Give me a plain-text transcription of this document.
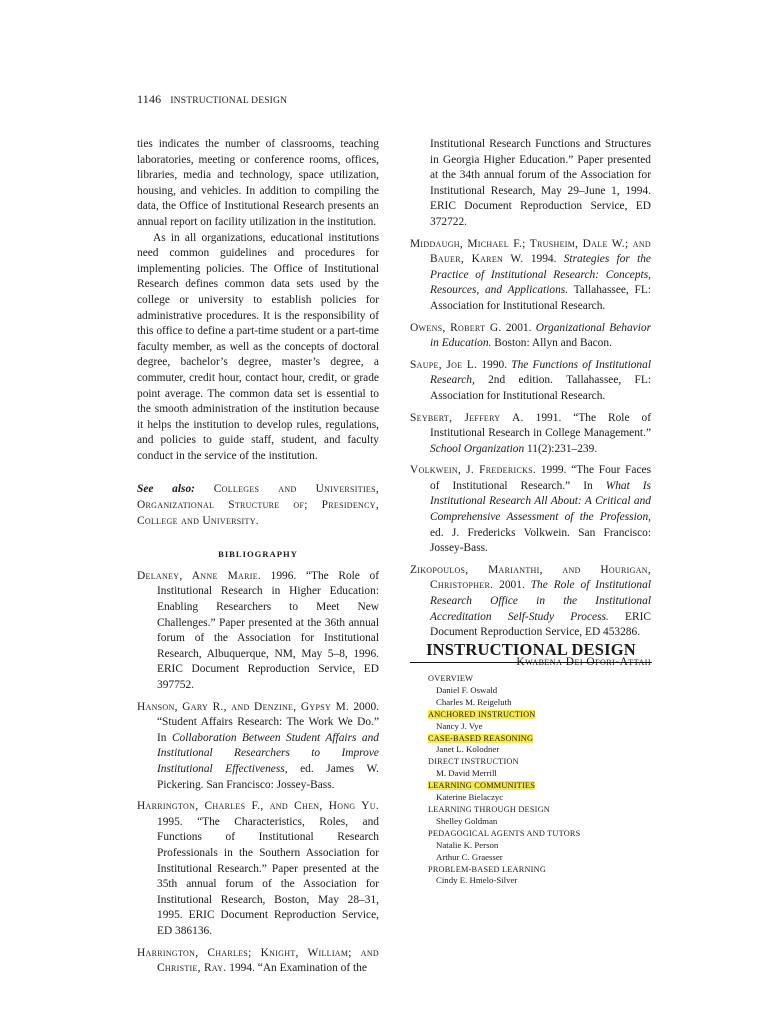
1146 INSTRUCTIONAL DESIGN

ties indicates the number of classrooms, teaching laboratories, meeting or conference rooms, offices, libraries, media and technology, space utilization, housing, and vehicles. In addition to compiling the data, the Office of Institutional Research presents an annual report on facility utilization in the institution.

As in all organizations, educational institutions need common guidelines and procedures for implementing policies. The Office of Institutional Research defines common data sets used by the college or university to establish policies for administrative procedures. It is the responsibility of this office to define a part-time student or a part-time faculty member, as well as the concepts of doctoral degree, bachelor’s degree, master’s degree, a commuter, credit hour, contact hour, credit, or grade point average. The common data set is essential to the smooth administration of the institution because it helps the institution to develop rules, regulations, and policies to guide staff, student, and faculty conduct in the service of the institution.

See also: Colleges and Universities, Organizational Structure of; Presidency, College and University.

BIBLIOGRAPHY

Delaney, Anne Marie. 1996. “The Role of Institutional Research in Higher Education: Enabling Researchers to Meet New Challenges.” Paper presented at the 36th annual forum of the Association for Institutional Research, Albuquerque, NM, May 5–8, 1996. ERIC Document Reproduction Service, ED 397752.

Hanson, Gary R., and Denzine, Gypsy M. 2000. “Student Affairs Research: The Work We Do.” In Collaboration Between Student Affairs and Institutional Researchers to Improve Institutional Effectiveness, ed. James W. Pickering. San Francisco: Jossey-Bass.

Harrington, Charles F., and Chen, Hong Yu. 1995. “The Characteristics, Roles, and Functions of Institutional Research Professionals in the Southern Association for Institutional Research.” Paper presented at the 35th annual forum of the Association for Institutional Research, Boston, May 28–31, 1995. ERIC Document Reproduction Service, ED 386136.

Harrington, Charles; Knight, William; and Christie, Ray. 1994. “An Examination of the

Institutional Research Functions and Structures in Georgia Higher Education.” Paper presented at the 34th annual forum of the Association for Institutional Research, May 29–June 1, 1994. ERIC Document Reproduction Service, ED 372722.

Middaugh, Michael F.; Trusheim, Dale W.; and Bauer, Karen W. 1994. Strategies for the Practice of Institutional Research: Concepts, Resources, and Applications. Tallahassee, FL: Association for Institutional Research.

Owens, Robert G. 2001. Organizational Behavior in Education. Boston: Allyn and Bacon.

Saupe, Joe L. 1990. The Functions of Institutional Research, 2nd edition. Tallahassee, FL: Association for Institutional Research.

Seybert, Jeffery A. 1991. “The Role of Institutional Research in College Management.” School Organization 11(2):231–239.

Volkwein, J. Fredericks. 1999. “The Four Faces of Institutional Research.” In What Is Institutional Research All About: A Critical and Comprehensive Assessment of the Profession, ed. J. Fredericks Volkwein. San Francisco: Jossey-Bass.

Zikopoulos, Marianthi, and Hourigan, Christopher. 2001. The Role of Institutional Research Office in the Institutional Accreditation Self-Study Process. ERIC Document Reproduction Service, ED 453286.

Kwabena Dei Ofori-Attah
INSTRUCTIONAL DESIGN
OVERVIEW
Daniel F. Oswald
Charles M. Reigeluth
ANCHORED INSTRUCTION
Nancy J. Vye
CASE-BASED REASONING
Janet L. Kolodner
DIRECT INSTRUCTION
M. David Merrill
LEARNING COMMUNITIES
Katerine Bielaczyc
LEARNING THROUGH DESIGN
Shelley Goldman
PEDAGOGICAL AGENTS AND TUTORS
Natalie K. Person
Arthur C. Graesser
PROBLEM-BASED LEARNING
Cindy E. Hmelo-Silver
